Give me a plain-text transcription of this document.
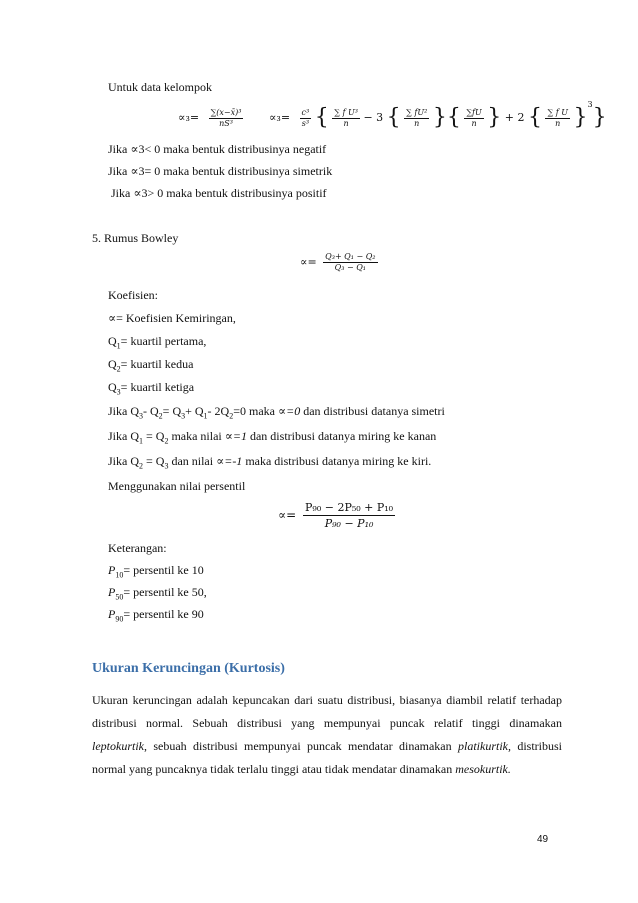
Untuk data kelompok
$\propto_3= \frac{\text{∑(x−x̄)³}}{\text{nS³}} \propto_3= \frac{\text{c³}}{\text{s³}}$ { $\frac{\text{∑ f U³}}{n} - 3$ { $\frac{\text{∑ fU²}}{n}$ }{ $\frac{\sum fU}{n}$ } + 2 { $\frac{\text{∑ f U}}{n} \}^3$}
Jika ∝3< 0 maka bentuk distribusinya negatif
Jika ∝3= 0 maka bentuk distribusinya simetrik
Jika ∝3> 0 maka bentuk distribusinya positif
5. Rumus Bowley
∝= $\frac{\text{Q₃+ Q₁ − Q₂}}{\text{Q₃ − Q₁}}$
Koefisien:
∝= Koefisien Kemiringan,
$Q_1=$ kuartil pertama,
$Q_2=$ kuartil kedua
$Q_3=$ kuartil ketiga
Jika $Q_3-$ $Q_2= Q_3+ Q_1-$ $2Q_2=0$ maka ∝=0 dan distribusi datanya simetri
Jika $Q_1 = Q_2$ maka nilai ∝=1 dan distribusi datanya miring ke kanan
Jika $Q_2 = Q_3$ dan nilai ∝=-1 maka distribusi datanya miring ke kiri.
Menggunakan nilai persentil
∝= $\frac{\text{P₉₀ − 2P₅₀ + P₁₀}}{\text{P₉₀ − P₁₀}}$
Keterangan:
$P_{10}=$ persentil ke 10
$P_{50}=$ persentil ke 50,
$P_{90}=$ persentil ke 90
Ukuran Keruncingan (Kurtosis)
Ukuran keruncingan adalah kepuncakan dari suatu distribusi, biasanya diambil relatif terhadap distribusi normal. Sebuah distribusi yang mempunyai puncak relatif tinggi dinamakan leptokurtik, sebuah distribusi mempunyai puncak mendatar dinamakan platikurtik, distribusi normal yang puncaknya tidak terlalu tinggi atau tidak mendatar dinamakan mesokurtik.
49
